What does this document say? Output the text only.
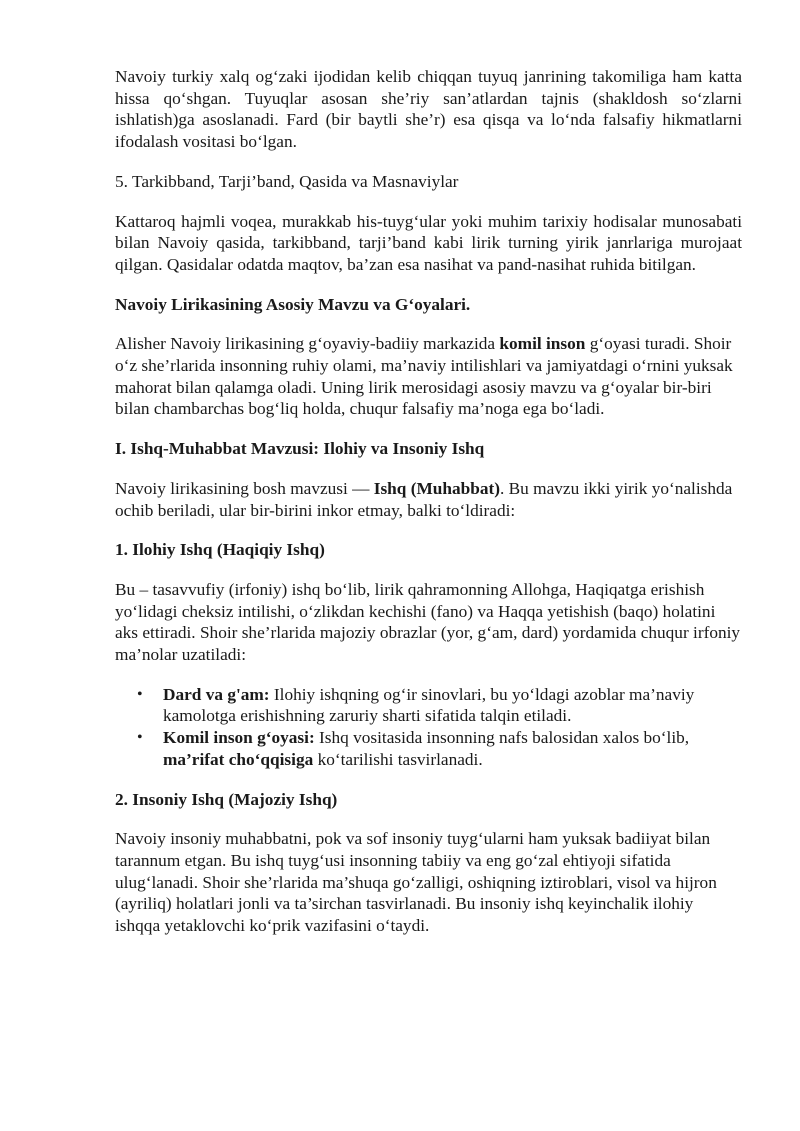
Navoiy turkiy xalq og‘zaki ijodidan kelib chiqqan tuyuq janrining takomiliga ham katta hissa qo‘shgan. Tuyuqlar asosan she’riy san’atlardan tajnis (shakldosh so‘zlarni ishlatish)ga asoslanadi. Fard (bir baytli she’r) esa qisqa va lo‘nda falsafiy hikmatlarni ifodalash vositasi bo‘lgan.

5. Tarkibband, Tarji’band, Qasida va Masnaviylar

Kattaroq hajmli voqea, murakkab his-tuyg‘ular yoki muhim tarixiy hodisalar munosabati bilan Navoiy qasida, tarkibband, tarji’band kabi lirik turning yirik janrlariga murojaat qilgan. Qasidalar odatda maqtov, ba’zan esa nasihat va pand-nasihat ruhida bitilgan.

Navoiy Lirikasining Asosiy Mavzu va G‘oyalari.

Alisher Navoiy lirikasining g‘oyaviy-badiiy markazida komil inson g‘oyasi turadi. Shoir o‘z she’rlarida insonning ruhiy olami, ma’naviy intilishlari va jamiyatdagi o‘rnini yuksak mahorat bilan qalamga oladi. Uning lirik merosidagi asosiy mavzu va g‘oyalar bir-biri bilan chambarchas bog‘liq holda, chuqur falsafiy ma’noga ega bo‘ladi.

I. Ishq-Muhabbat Mavzusi: Ilohiy va Insoniy Ishq

Navoiy lirikasining bosh mavzusi — Ishq (Muhabbat). Bu mavzu ikki yirik yo‘nalishda ochib beriladi, ular bir-birini inkor etmay, balki to‘ldiradi:

1. Ilohiy Ishq (Haqiqiy Ishq)

Bu – tasavvufiy (irfoniy) ishq bo‘lib, lirik qahramonning Allohga, Haqiqatga erishish yo‘lidagi cheksiz intilishi, o‘zlikdan kechishi (fano) va Haqqa yetishish (baqo) holatini aks ettiradi. Shoir she’rlarida majoziy obrazlar (yor, g‘am, dard) yordamida chuqur irfoniy ma’nolar uzatiladi:

• Dard va g'am: Ilohiy ishqning og‘ir sinovlari, bu yo‘ldagi azoblar ma’naviy kamolotga erishishning zaruriy sharti sifatida talqin etiladi.
• Komil inson g‘oyasi: Ishq vositasida insonning nafs balosidan xalos bo‘lib, ma’rifat cho‘qqisiga ko‘tarilishi tasvirlanadi.
2. Insoniy Ishq (Majoziy Ishq)

Navoiy insoniy muhabbatni, pok va sof insoniy tuyg‘ularni ham yuksak badiiyat bilan tarannum etgan. Bu ishq tuyg‘usi insonning tabiiy va eng go‘zal ehtiyoji sifatida ulug‘lanadi. Shoir she’rlarida ma’shuqa go‘zalligi, oshiqning iztiroblari, visol va hijron (ayriliq) holatlari jonli va ta’sirchan tasvirlanadi. Bu insoniy ishq keyinchalik ilohiy ishqqa yetaklovchi ko‘prik vazifasini o‘taydi.
